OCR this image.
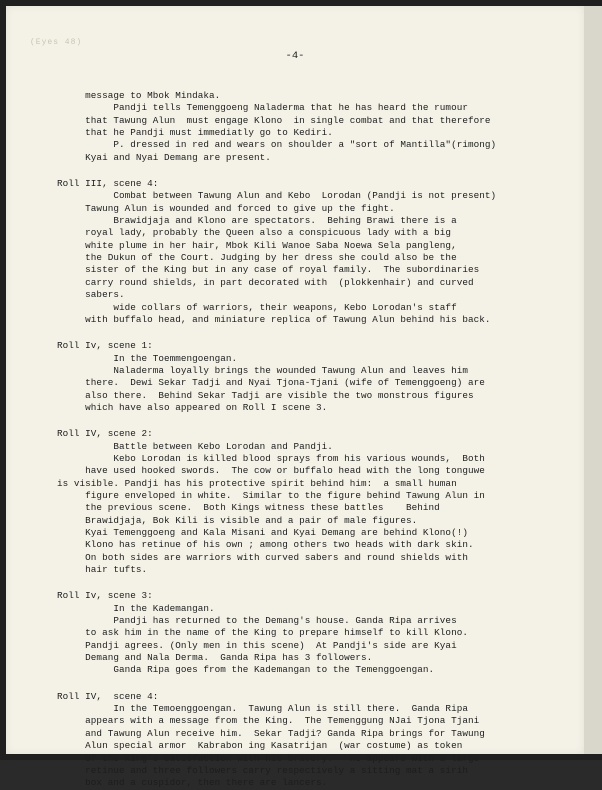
(Eyes 48)
-4-
message to Mbok Mindaka.
Pandji tells Temenggoeng Naladerma that he has heard the rumour
that Tawung Alun  must engage Klono  in single combat and that therefore
that he Pandji must immediatly go to Kediri.
P. dressed in red and wears on shoulder a "sort of Mantilla"(rimong)
Kyai and Nyai Demang are present.
Roll III, scene 4:
Combat between Tawung Alun and Kebo  Lorodan (Pandji is not present)
Tawung Alun is wounded and forced to give up the fight.
Brawidjaja and Klono are spectators.  Behing Brawi there is a
royal lady, probably the Queen also a conspicuous lady with a big
white plume in her hair, Mbok Kili Wanoe Saba Noewa Sela pangleng,
the Dukun of the Court. Judging by her dress she could also be the
sister of the King but in any case of royal family.  The subordinaries
carry round shields, in part decorated with  (plokkenhair) and curved
sabers.
wide collars of warriors, their weapons, Kebo Lorodan's staff
with buffalo head, and miniature replica of Tawung Alun behind his back.
Roll Iv, scene 1:
In the Toemmengoengan.
Naladerma loyally brings the wounded Tawung Alun and leaves him
there.  Dewi Sekar Tadji and Nyai Tjona-Tjani (wife of Temenggoeng) are
also there.  Behind Sekar Tadji are visible the two monstrous figures
which have also appeared on Roll I scene 3.
Roll IV, scene 2:
Battle between Kebo Lorodan and Pandji.
Kebo Lorodan is killed blood sprays from his various wounds,  Both
have used hooked swords.  The cow or buffalo head with the long tonguwe
is visible. Pandji has his protective spirit behind him:  a small human
figure enveloped in white.  Similar to the figure behind Tawung Alun in
the previous scene.  Both Kings witness these battles    Behind
Brawidjaja, Bok Kili is visible and a pair of male figures.
Kyai Temenggoeng and Kala Misani and Kyai Demang are behind Klono(!)
Klono has retinue of his own ; among others two heads with dark skin.
On both sides are warriors with curved sabers and round shields with
hair tufts.
Roll Iv, scene 3:
In the Kademangan.
Pandji has returned to the Demang's house. Ganda Ripa arrives
to ask him in the name of the King to prepare himself to kill Klono.
Pandji agrees. (Only men in this scene)  At Pandji's side are Kyai
Demang and Nala Derma.  Ganda Ripa has 3 followers.
Ganda Ripa goes from the Kademangan to the Temenggoengan.
Roll IV,  scene 4:
In the Temoenggoengan.  Tawung Alun is still there.  Ganda Ripa
appears with a message from the King.  The Temenggung NJai Tjona Tjani
and Tawung Alun receive him.  Sekar Tadji? Ganda Ripa brings for Tawung
Alun special armor  Kabrabon ing Kasatrijan  (war costume) as token
of the King's satisfaction with his bravery.   He appears with a large
retinue and three followers carry respectively a sitting mat a sirih
box and a cuspidor, then there are lancers.
